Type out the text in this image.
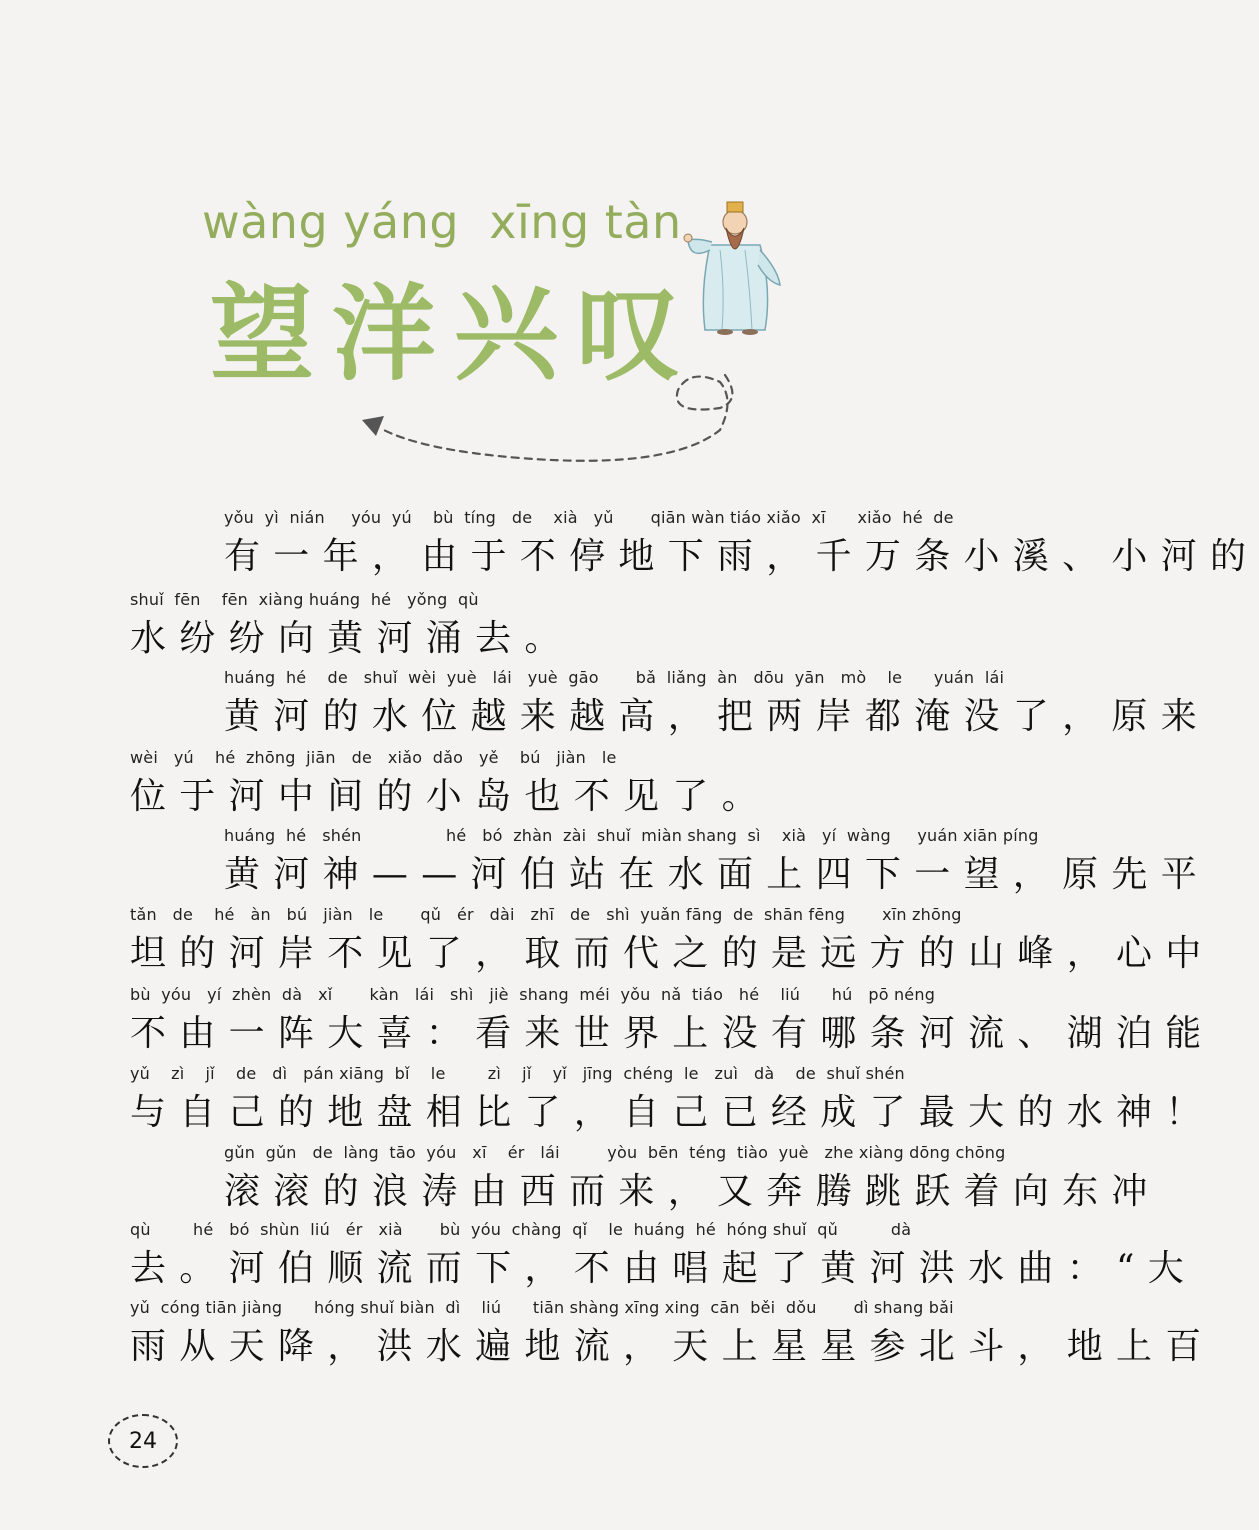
wàng yáng  xīng tàn
望洋兴叹
yǒu  yì  nián     yóu  yú    bù  tíng   de    xià   yǔ       qiān wàn tiáo xiǎo  xī      xiǎo  hé  de
有一年，由于不停地下雨，千万条小溪、小河的
shuǐ  fēn    fēn  xiàng huáng  hé   yǒng  qù
水纷纷向黄河涌去。
huáng  hé    de   shuǐ  wèi  yuè   lái   yuè  gāo       bǎ  liǎng  àn   dōu  yān   mò    le      yuán  lái
黄河的水位越来越高，把两岸都淹没了，原来
wèi   yú    hé  zhōng  jiān   de   xiǎo  dǎo   yě    bú   jiàn   le
位于河中间的小岛也不见了。
huáng  hé   shén                hé   bó  zhàn  zài  shuǐ  miàn shang  sì    xià   yí  wàng     yuán xiān píng
黄河神——河伯站在水面上四下一望，原先平
tǎn   de    hé   àn   bú   jiàn   le       qǔ   ér   dài   zhī   de   shì  yuǎn fāng  de  shān fēng       xīn zhōng
坦的河岸不见了，取而代之的是远方的山峰，心中
bù  yóu   yí  zhèn  dà   xǐ       kàn   lái   shì   jiè  shang  méi  yǒu  nǎ  tiáo   hé    liú      hú   pō néng
不由一阵大喜：看来世界上没有哪条河流、湖泊能
yǔ    zì    jǐ    de   dì   pán xiāng  bǐ    le        zì    jǐ    yǐ   jīng  chéng  le   zuì   dà    de  shuǐ shén
与自己的地盘相比了，自己已经成了最大的水神！
gǔn  gǔn   de  làng  tāo  yóu   xī    ér   lái         yòu  bēn  téng  tiào  yuè   zhe xiàng dōng chōng
滚滚的浪涛由西而来，又奔腾跳跃着向东冲
qù        hé   bó  shùn  liú   ér   xià       bù  yóu  chàng  qǐ    le  huáng  hé  hóng shuǐ  qǔ          dà
去。河伯顺流而下，不由唱起了黄河洪水曲：“大
yǔ  cóng tiān jiàng      hóng shuǐ biàn  dì    liú      tiān shàng xīng xing  cān  běi  dǒu       dì shang bǎi
雨从天降，洪水遍地流，天上星星参北斗，地上百
24
